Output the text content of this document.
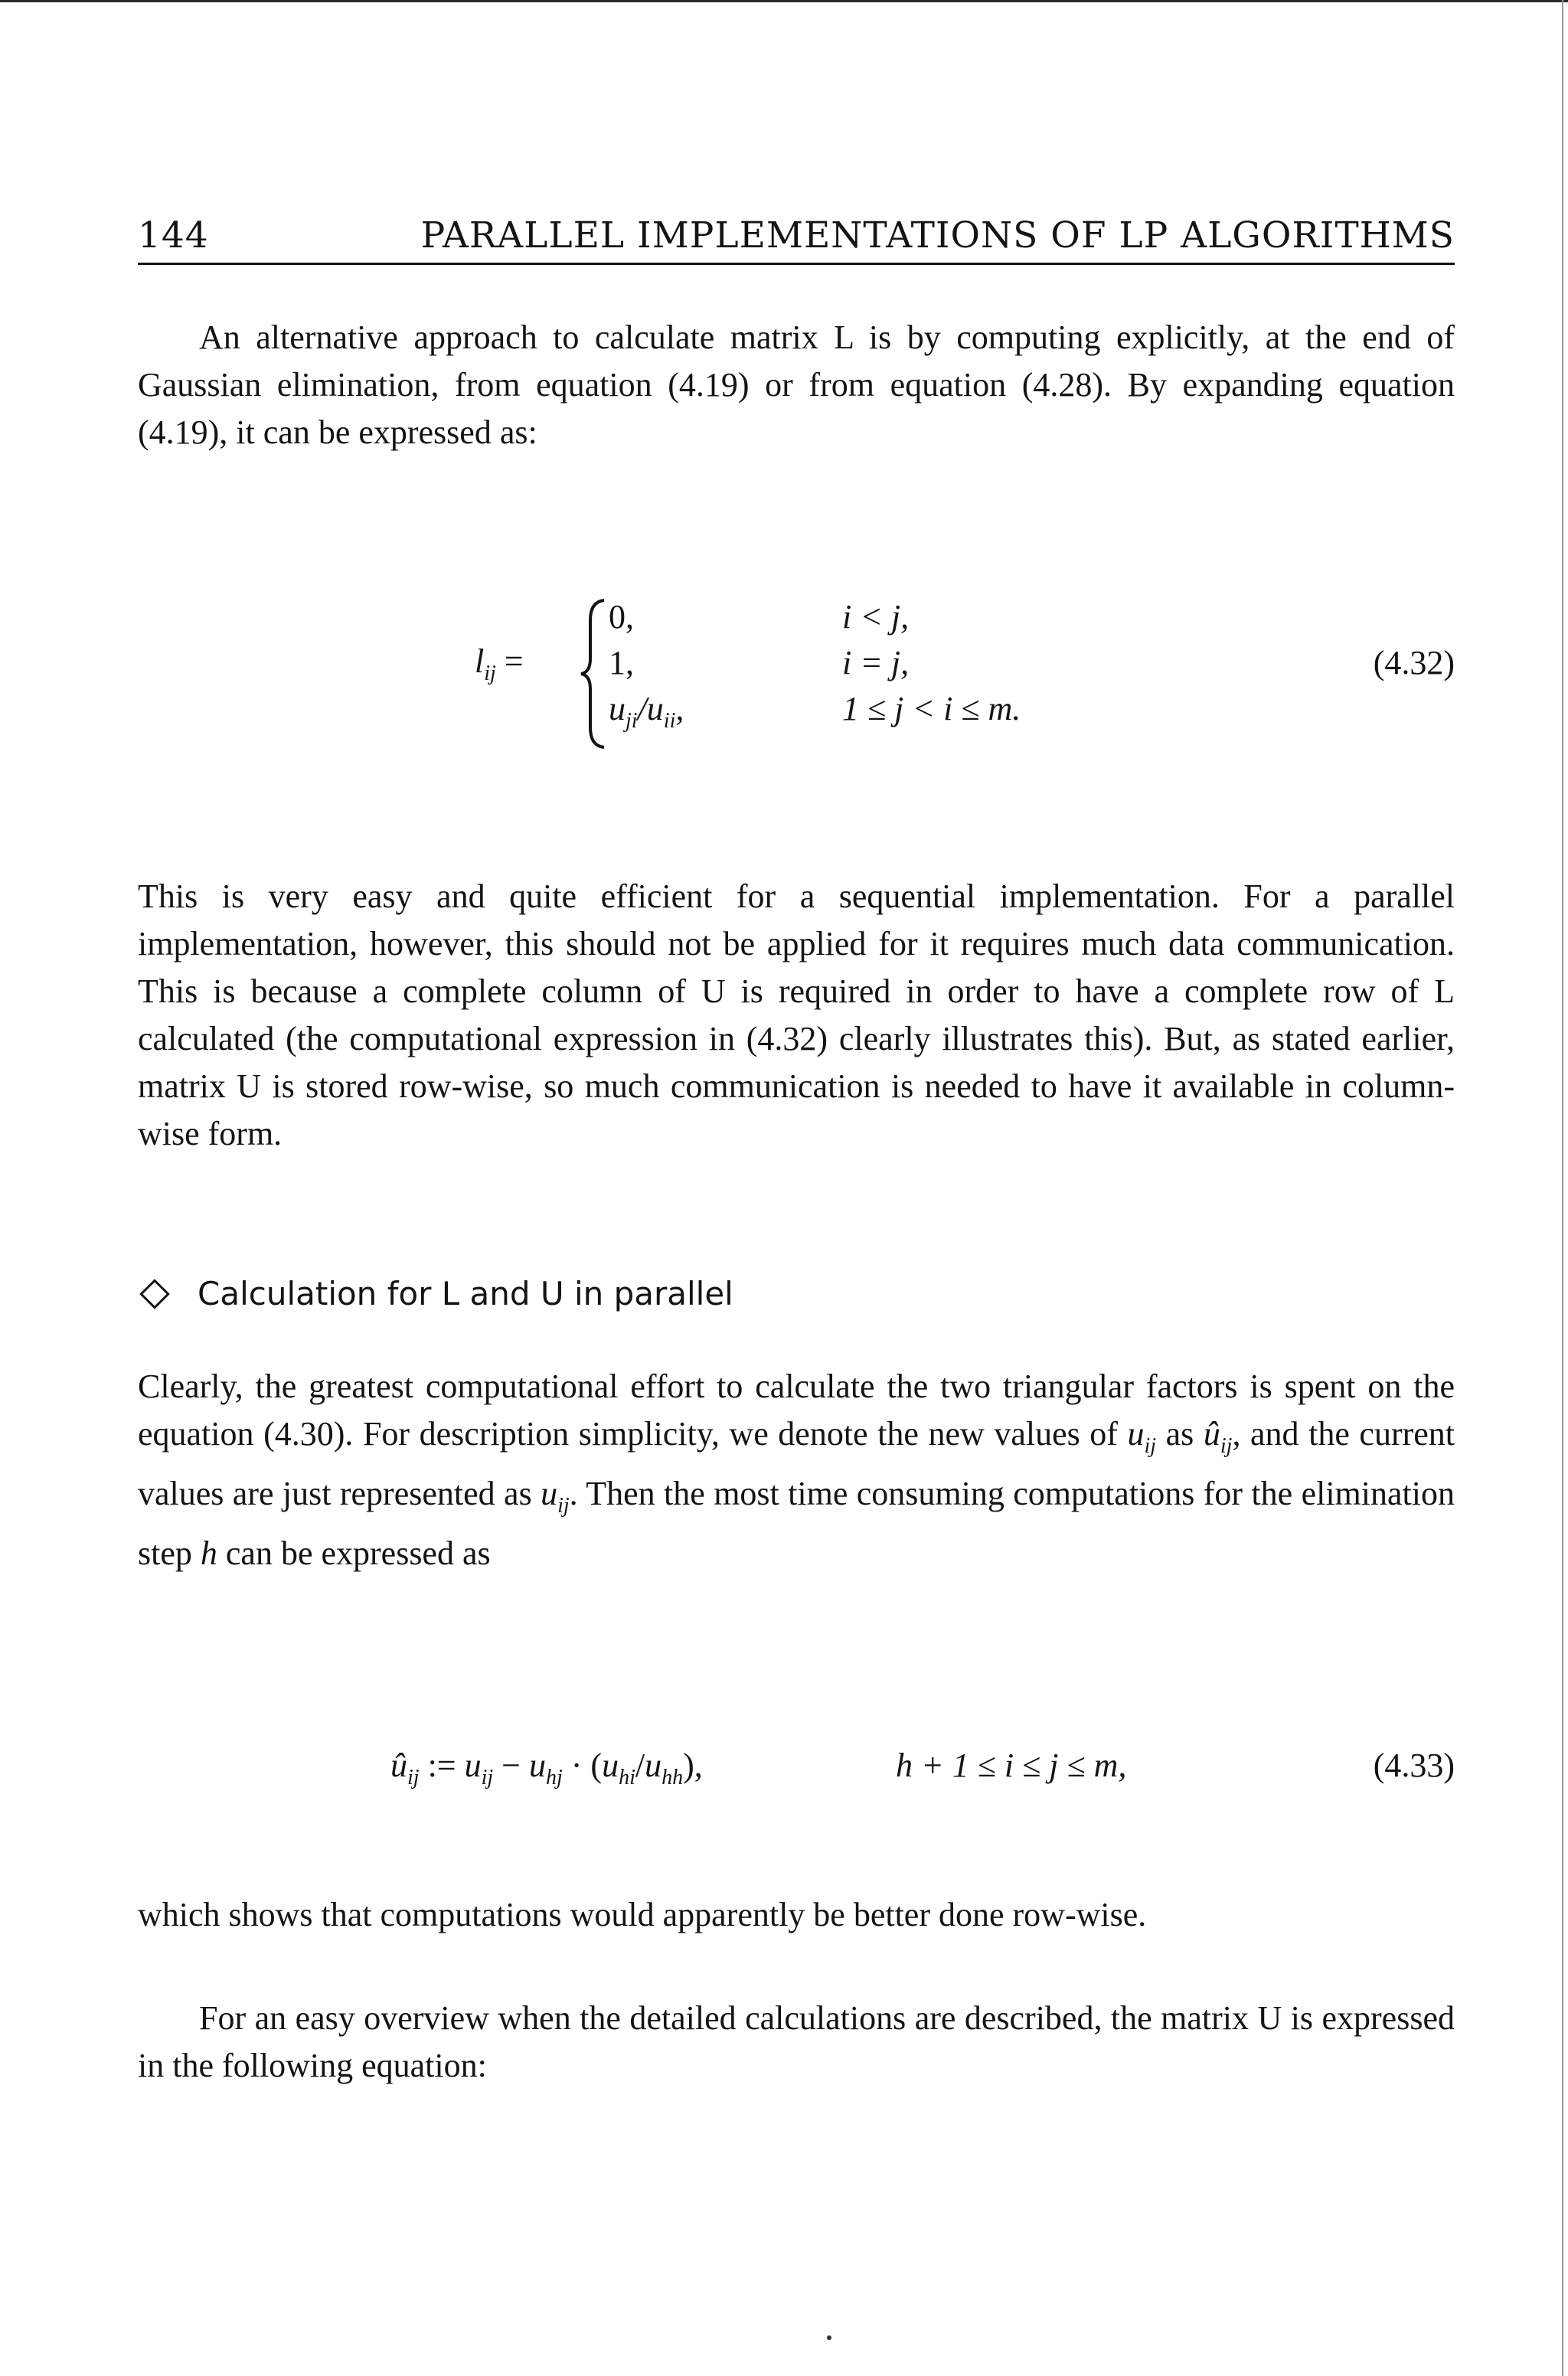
144	PARALLEL IMPLEMENTATIONS OF LP ALGORITHMS

An alternative approach to calculate matrix L is by computing explicitly, at the end of Gaussian elimination, from equation (4.19) or from equation (4.28). By expanding equation (4.19), it can be expressed as:

$l_{ij}$ =
0,	i < j,
1,	i = j,
$u_{ji}/u_{ii}$,	1 ≤ j < i ≤ m.
(4.32)

This is very easy and quite efficient for a sequential implementation. For a parallel implementation, however, this should not be applied for it requires much data communication. This is because a complete column of U is required in order to have a complete row of L calculated (the computational expression in (4.32) clearly illustrates this). But, as stated earlier, matrix U is stored row-wise, so much communication is needed to have it available in column-wise form.

Calculation for L and U in parallel

Clearly, the greatest computational effort to calculate the two triangular factors is spent on the equation (4.30). For description simplicity, we denote the new values of $u_{ij}$ as $û_{ij}$, and the current values are just represented as $u_{ij}$. Then the most time consuming computations for the elimination step h can be expressed as

$û_{ij}$ := $u_{ij} - u_{hj} \cdot (u_{hi}/u_{hh})$,	h + 1 ≤ i ≤ j ≤ m,	(4.33)

which shows that computations would apparently be better done row-wise.

For an easy overview when the detailed calculations are described, the matrix U is expressed in the following equation:
